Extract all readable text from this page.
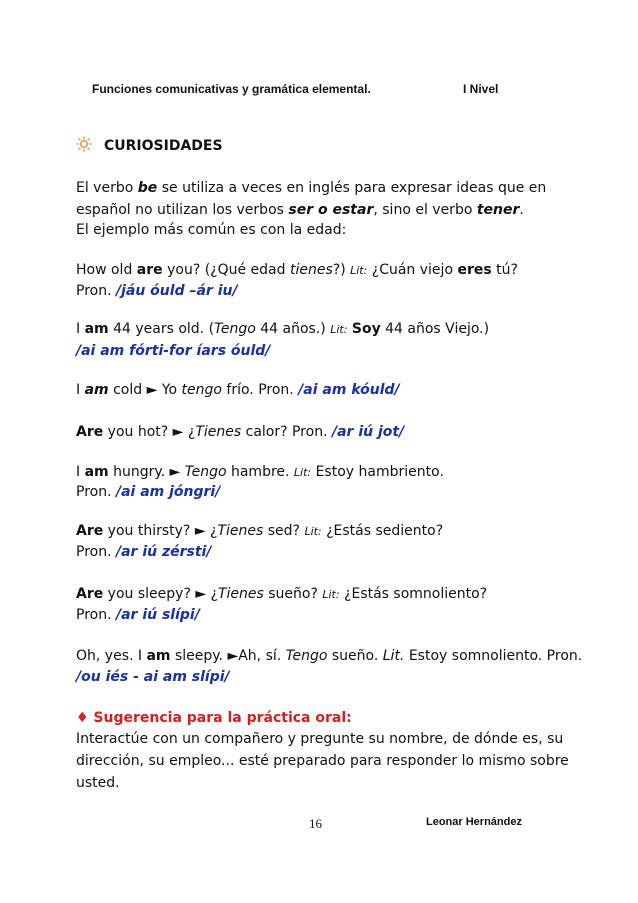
Funciones comunicativas y gramática elemental.	I Nivel
CURIOSIDADES
El verbo be se utiliza a veces en inglés para expresar ideas que en
español no utilizan los verbos ser o estar, sino el verbo tener.
El ejemplo más común es con la edad:
How old are you? (¿Qué edad tienes?) Lit: ¿Cuán viejo eres tú?
Pron. /jáu óuld –ár iu/
I am 44 years old. (Tengo 44 años.) Lit: Soy 44 años Viejo.)
/ai am fórti-for íars óuld/
I am cold ► Yo tengo frío. Pron. /ai am kóuld/
Are you hot? ► ¿Tienes calor? Pron. /ar iú jot/
I am hungry. ► Tengo hambre. Lit: Estoy hambriento.
Pron. /ai am jóngri/
Are you thirsty? ► ¿Tienes sed? Lit: ¿Estás sediento?
Pron. /ar iú zérsti/
Are you sleepy? ► ¿Tienes sueño? Lit: ¿Estás somnoliento?
Pron. /ar iú slípi/
Oh, yes. I am sleepy. ►Ah, sí. Tengo sueño. Lit. Estoy somnoliento. Pron.
/ou iés - ai am slípi/
♦ Sugerencia para la práctica oral:
Interactúe con un compañero y pregunte su nombre, de dónde es, su
dirección, su empleo... esté preparado para responder lo mismo sobre
usted.
16	Leonar Hernández
